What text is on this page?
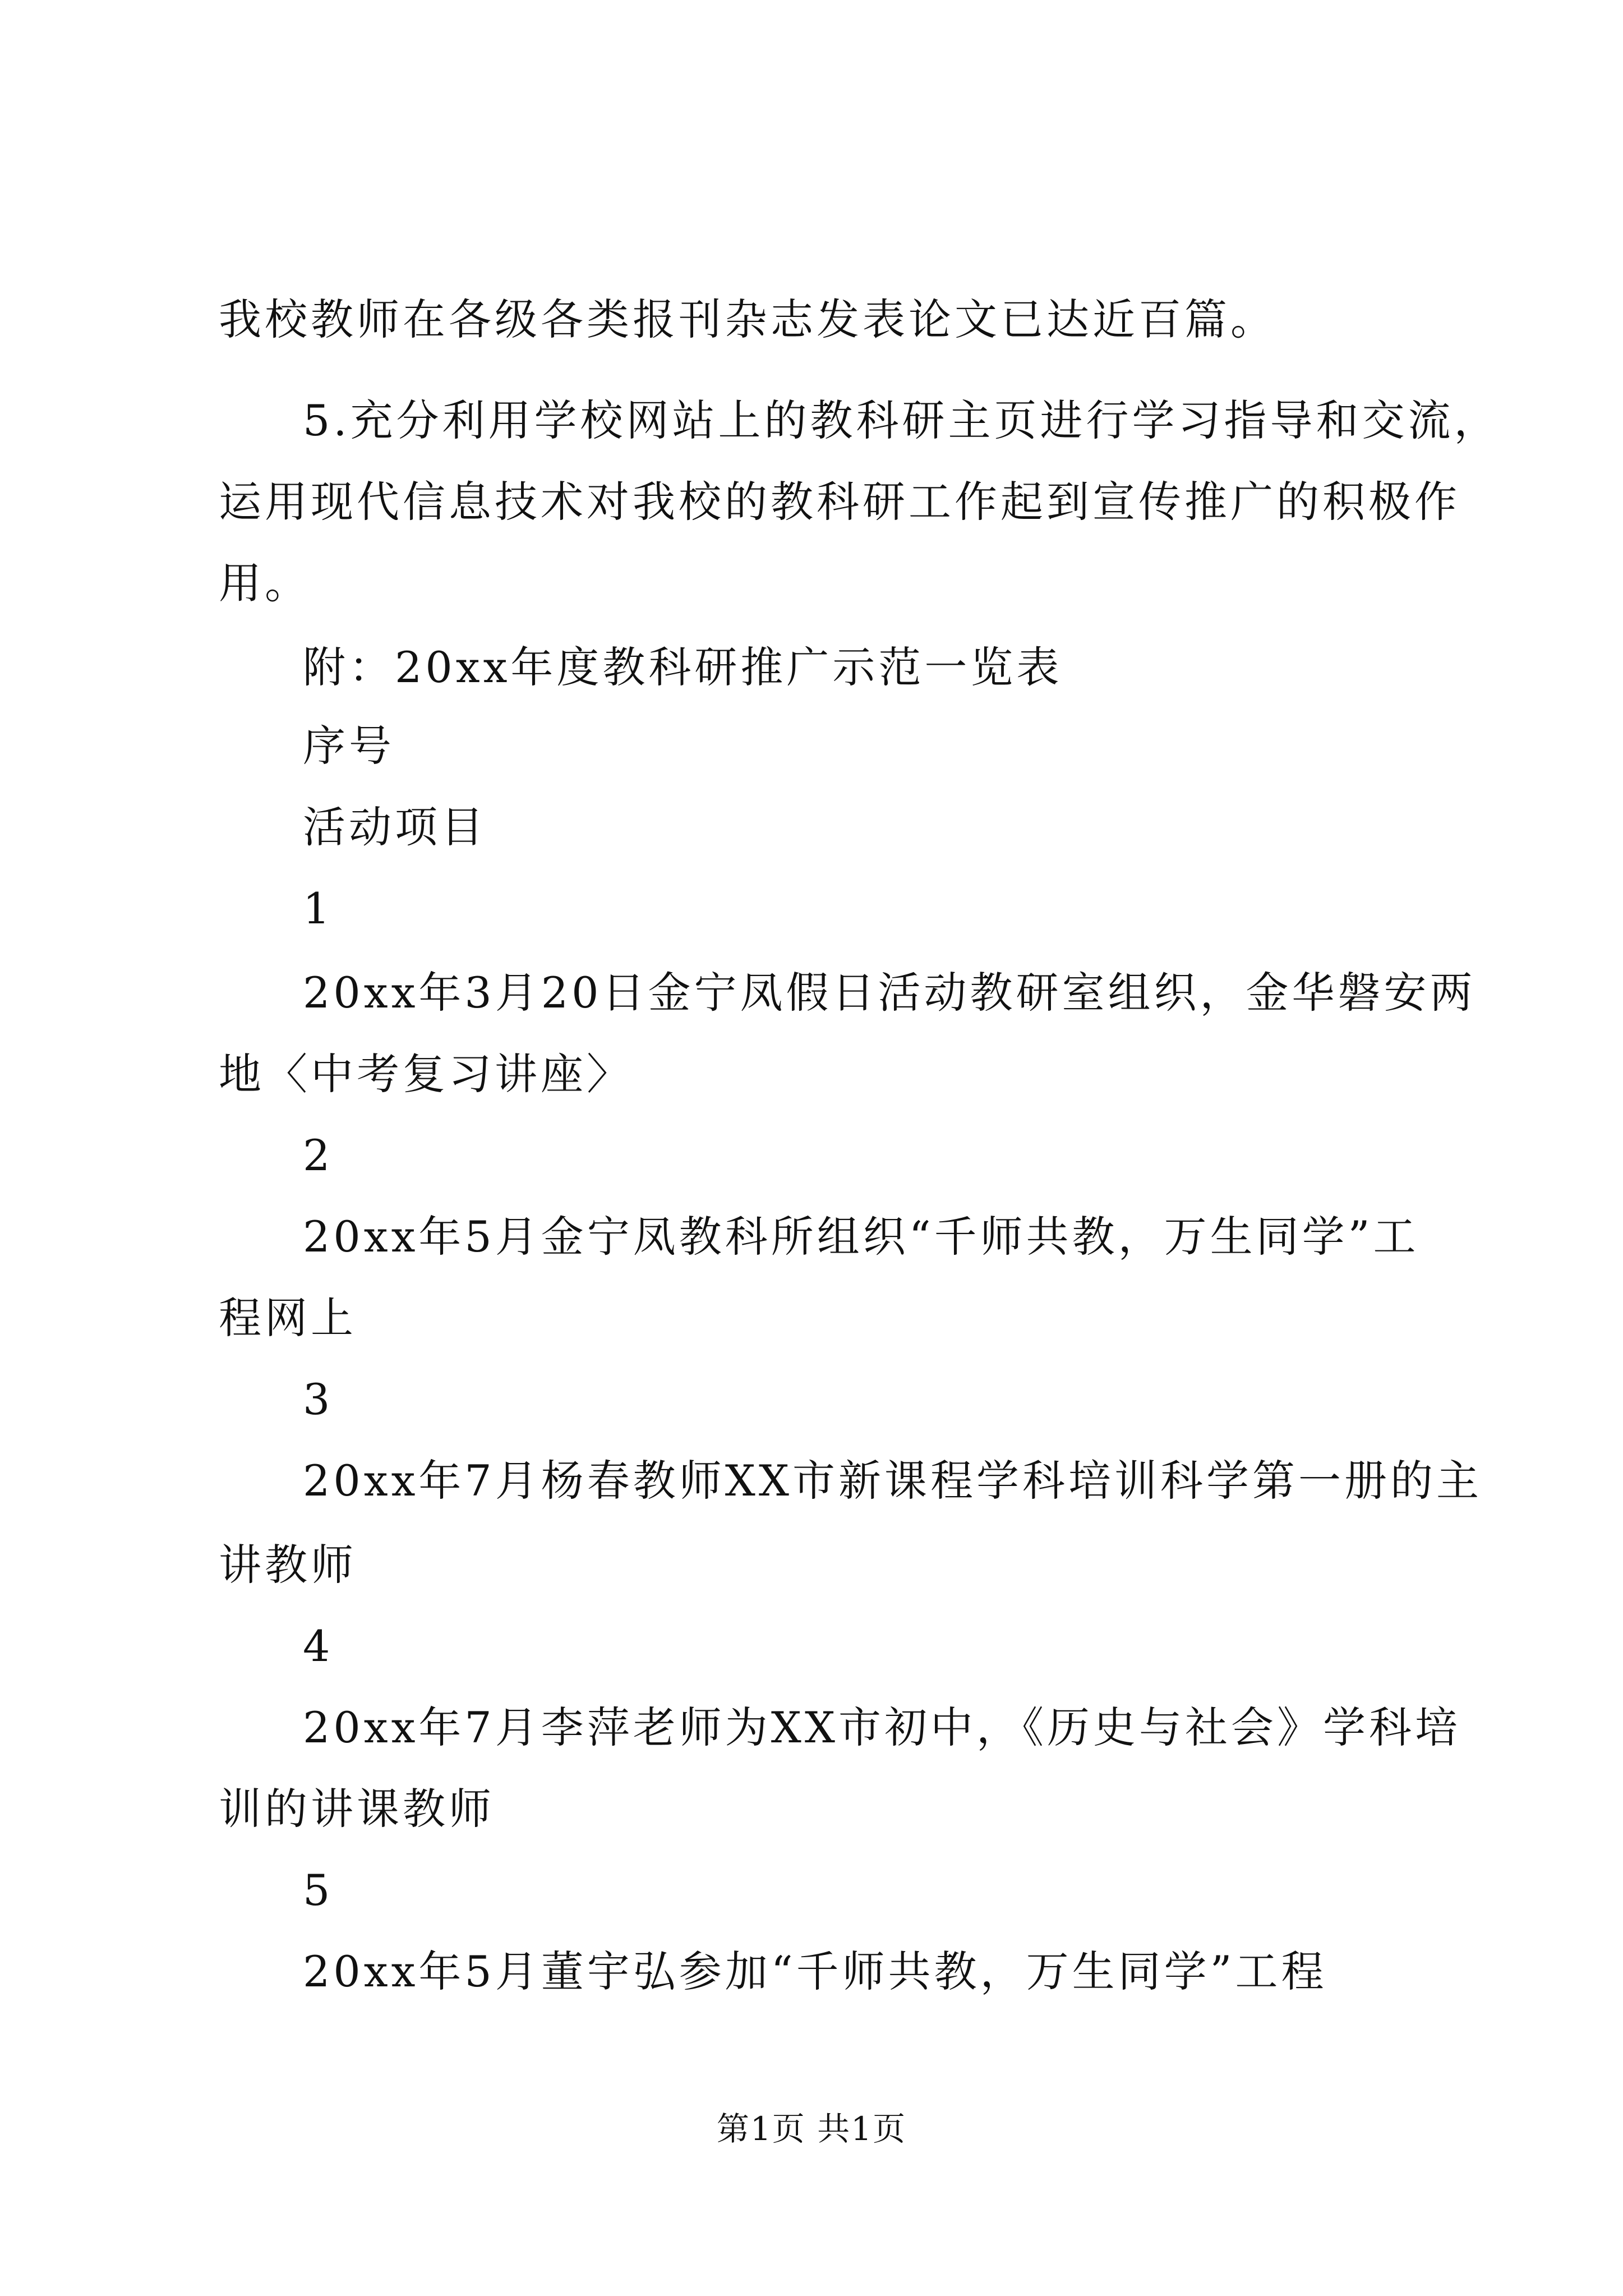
我校教师在各级各类报刊杂志发表论文已达近百篇。
5.充分利用学校网站上的教科研主页进行学习指导和交流，
运用现代信息技术对我校的教科研工作起到宣传推广的积极作
用。
附：20xx年度教科研推广示范一览表
序号
活动项目
1
20xx年3月20日金宁凤假日活动教研室组织，金华磐安两
地〈中考复习讲座〉
2
20xx年5月金宁凤教科所组织“千师共教，万生同学”工
程网上
3
20xx年7月杨春教师XX市新课程学科培训科学第一册的主
讲教师
4
20xx年7月李萍老师为XX市初中，《历史与社会》学科培
训的讲课教师
5
20xx年5月董宇弘参加“千师共教，万生同学”工程
第1页 共1页
